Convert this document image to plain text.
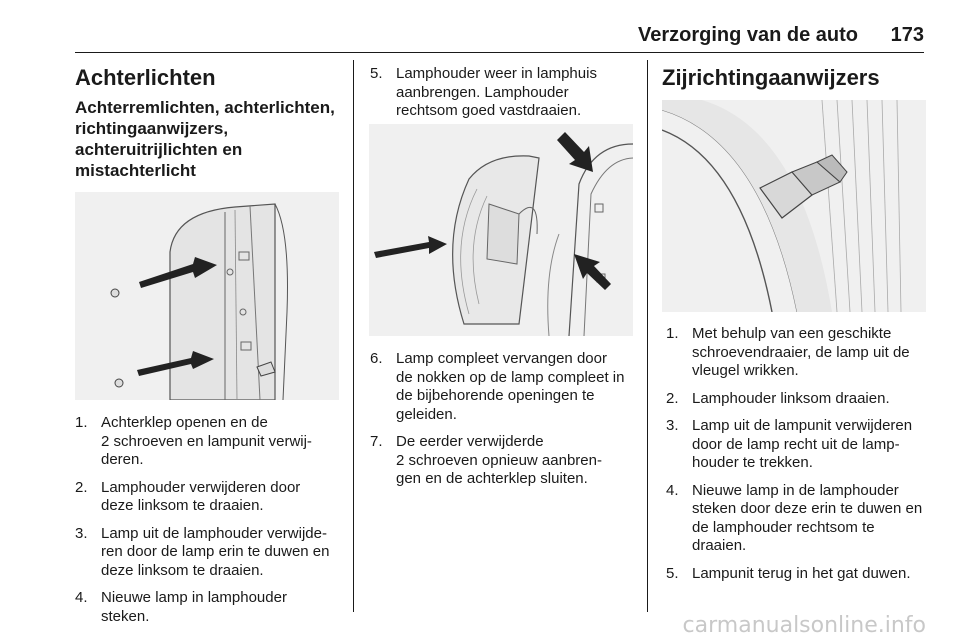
Verzorging van de auto 173
Achterlichten
Achterremlichten, achterlichten,
richtingaanwijzers,
achteruitrijlichten en
mistachterlicht
1. Achterklep openen en de
2 schroeven en lampunit verwij-
deren.
2. Lamphouder verwijderen door
deze linksom te draaien.
3. Lamp uit de lamphouder verwijde-
ren door de lamp erin te duwen en
deze linksom te draaien.
4. Nieuwe lamp in lamphouder
steken.
5. Lamphouder weer in lamphuis
aanbrengen. Lamphouder
rechtsom goed vastdraaien.
6. Lamp compleet vervangen door
de nokken op de lamp compleet in
de bijbehorende openingen te
geleiden.
7. De eerder verwijderde
2 schroeven opnieuw aanbren-
gen en de achterklep sluiten.
Zijrichtingaanwijzers
1. Met behulp van een geschikte
schroevendraaier, de lamp uit de
vleugel wrikken.
2. Lamphouder linksom draaien.
3. Lamp uit de lampunit verwijderen
door de lamp recht uit de lamp-
houder te trekken.
4. Nieuwe lamp in de lamphouder
steken door deze erin te duwen en
de lamphouder rechtsom te
draaien.
5. Lampunit terug in het gat duwen.
carmanualsonline.info
